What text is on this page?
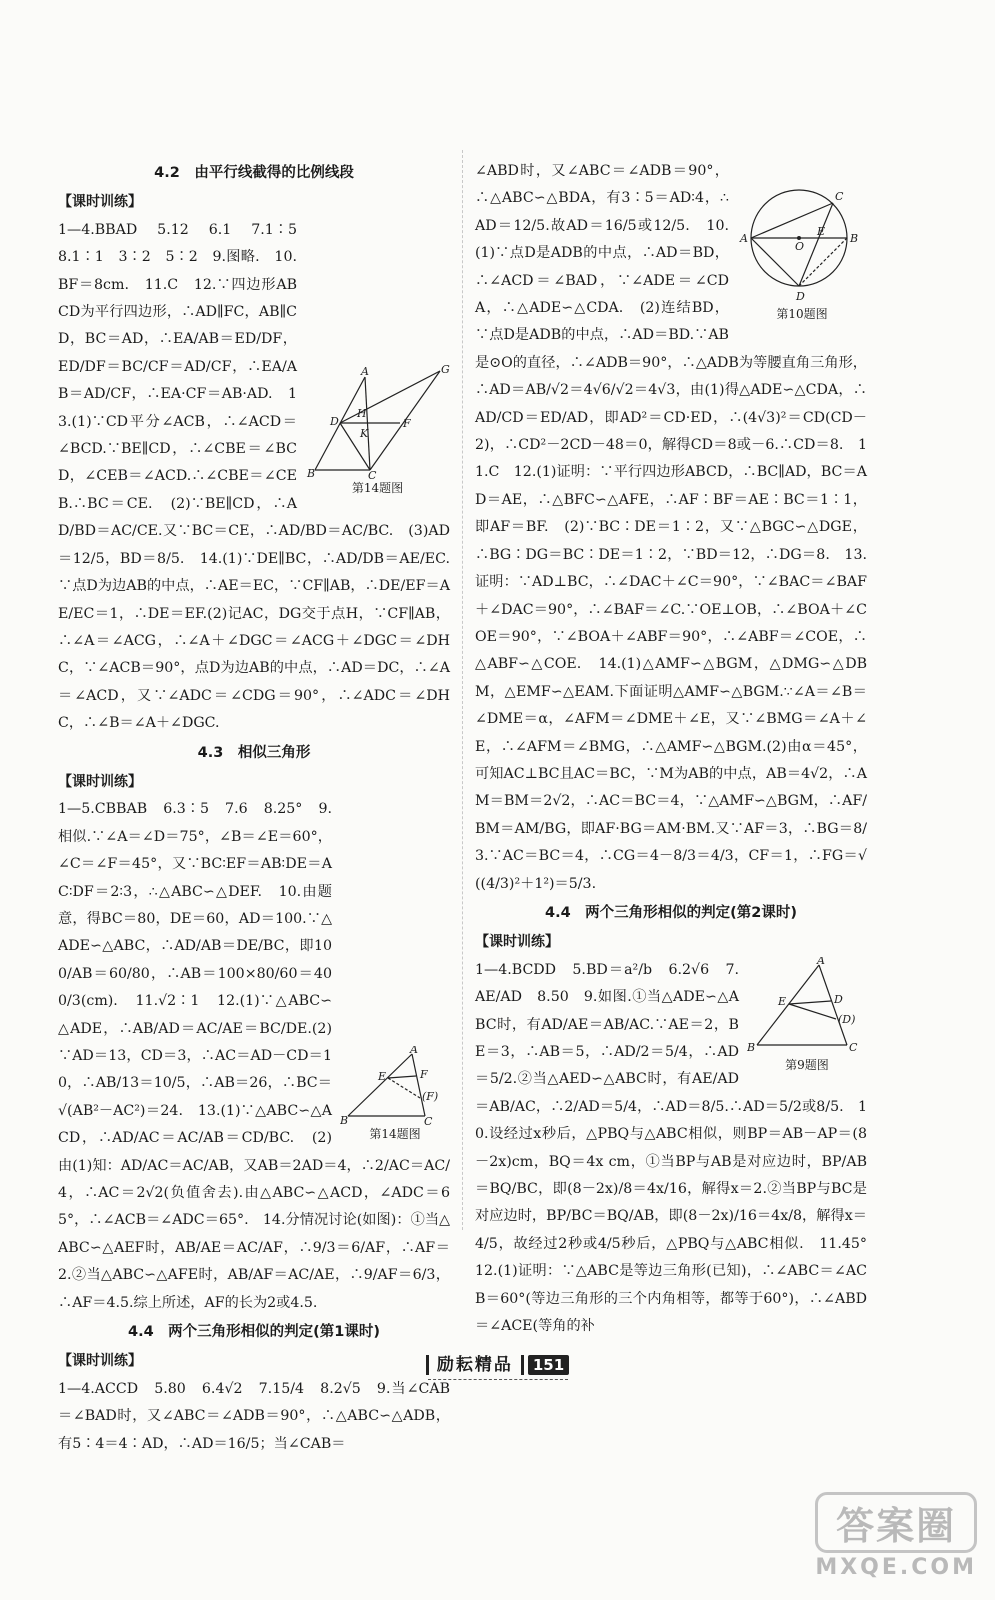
4.2　由平行线截得的比例线段
【课时训练】
A
B	C
D
H
F
G
K
第14题图

1—4.BBAD　5.12　6.1　7.1∶5　8.1∶1　3∶2　5∶2　9.图略.　10.BF＝8cm.　11.C　12.∵四边形ABCD为平行四边形，∴AD∥FC，AB∥CD，BC＝AD，∴EA/AB＝ED/DF，ED/DF＝BC/CF＝AD/CF，∴EA/AB＝AD/CF，∴EA·CF＝AB·AD.　13.(1)∵CD平分∠ACB，∴∠ACD＝∠BCD.∵BE∥CD，∴∠CBE＝∠BCD，∠CEB＝∠ACD.∴∠CBE＝∠CEB.∴BC＝CE.　(2)∵BE∥CD，∴AD/BD＝AC/CE.又∵BC＝CE，∴AD/BD＝AC/BC.　(3)AD＝12/5，BD＝8/5.　14.(1)∵DE∥BC，∴AD/DB＝AE/EC.∵点D为边AB的中点，∴AE＝EC，∵CF∥AB，∴DE/EF＝AE/EC＝1，∴DE＝EF.(2)记AC，DG交于点H，∵CF∥AB，∴∠A＝∠ACG，∴∠A＋∠DGC＝∠ACG＋∠DGC＝∠DHC，∵∠ACB＝90°，点D为边AB的中点，∴AD＝DC，∴∠A＝∠ACD，又∵∠ADC＝∠CDG＝90°，∴∠ADC＝∠DHC，∴∠B＝∠A＋∠DGC.

4.3　相似三角形
【课时训练】
A
B	C
E	F
(F)
第14题图

1—5.CBBAB　6.3∶5　7.6　8.25°　9.相似.∵∠A＝∠D＝75°，∠B＝∠E＝60°，∠C＝∠F＝45°，又∵BC∶EF＝AB∶DE＝AC∶DF＝2∶3，∴△ABC∽△DEF.　10.由题意，得BC＝80，DE＝60，AD＝100.∵△ADE∽△ABC，∴AD/AB＝DE/BC，即100/AB＝60/80，∴AB＝100×80/60＝400/3(cm).　11.√2∶1　12.(1)∵△ABC∽△ADE，∴AB/AD＝AC/AE＝BC/DE.(2)∵AD＝13，CD＝3，∴AC＝AD－CD＝10，∴AB/13＝10/5，∴AB＝26，∴BC＝√(AB²－AC²)＝24.　13.(1)∵△ABC∽△ACD，∴AD/AC＝AC/AB＝CD/BC.　(2)由(1)知：AD/AC＝AC/AB，又AB＝2AD＝4，∴2/AC＝AC/4，∴AC＝2√2(负值舍去).由△ABC∽△ACD，∠ADC＝65°，∴∠ACB＝∠ADC＝65°.　14.分情况讨论(如图)：①当△ABC∽△AEF时，AB/AE＝AC/AF，∴9/3＝6/AF，∴AF＝2.②当△ABC∽△AFE时，AB/AF＝AC/AE，∴9/AF＝6/3，∴AF＝4.5.综上所述，AF的长为2或4.5.

4.4　两个三角形相似的判定(第1课时)
【课时训练】

1—4.ACCD　5.80　6.4√2　7.15/4　8.2√5　9.当∠CAB＝∠BAD时，又∠ABC＝∠ADB＝90°，∴△ABC∽△ADB，有5∶4＝4∶AD，∴AD＝16/5；当∠CAB＝

A	B
C
D
E
O
第10题图

∠ABD时，又∠ABC＝∠ADB＝90°，∴△ABC∽△BDA，有3∶5＝AD∶4，∴AD＝12/5.故AD＝16/5或12/5.　10.(1)∵点D是ADB的中点，∴AD＝BD，∴∠ACD＝∠BAD，∵∠ADE＝∠CDA，∴△ADE∽△CDA.　(2)连结BD，∵点D是ADB的中点，∴AD＝BD.∵AB是⊙O的直径，∴∠ADB＝90°，∴△ADB为等腰直角三角形，∴AD＝AB/√2＝4√6/√2＝4√3，由(1)得△ADE∽△CDA，∴AD/CD＝ED/AD，即AD²＝CD·ED，∴(4√3)²＝CD(CD－2)，∴CD²－2CD－48＝0，解得CD＝8或－6.∴CD＝8.　11.C　12.(1)证明：∵平行四边形ABCD，∴BC∥AD，BC＝AD＝AE，∴△BFC∽△AFE，∴AF∶BF＝AE∶BC＝1∶1，即AF＝BF.　(2)∵BC∶DE＝1∶2，又∵△BGC∽△DGE，∴BG∶DG＝BC∶DE＝1∶2，∵BD＝12，∴DG＝8.　13.证明：∵AD⊥BC，∴∠DAC＋∠C＝90°，∵∠BAC＝∠BAF＋∠DAC＝90°，∴∠BAF＝∠C.∵OE⊥OB，∴∠BOA＋∠COE＝90°，∵∠BOA＋∠ABF＝90°，∴∠ABF＝∠COE，∴△ABF∽△COE.　14.(1)△AMF∽△BGM，△DMG∽△DBM，△EMF∽△EAM.下面证明△AMF∽△BGM.∵∠A＝∠B＝∠DME＝α，∠AFM＝∠DME＋∠E，又∵∠BMG＝∠A＋∠E，∴∠AFM＝∠BMG，∴△AMF∽△BGM.(2)由α＝45°，可知AC⊥BC且AC＝BC，∵M为AB的中点，AB＝4√2，∴AM＝BM＝2√2，∴AC＝BC＝4，∵△AMF∽△BGM，∴AF/BM＝AM/BG，即AF·BG＝AM·BM.又∵AF＝3，∴BG＝8/3.∵AC＝BC＝4，∴CG＝4－8/3＝4/3，CF＝1，∴FG＝√((4/3)²＋1²)＝5/3.

4.4　两个三角形相似的判定(第2课时)
【课时训练】
A
B	C
E	D
(D)
第9题图

1—4.BCDD　5.BD＝a²/b　6.2√6　7.AE/AD　8.50　9.如图.①当△ADE∽△ABC时，有AD/AE＝AB/AC.∵AE＝2，BE＝3，∴AB＝5，∴AD/2＝5/4，∴AD＝5/2.②当△AED∽△ABC时，有AE/AD＝AB/AC，∴2/AD＝5/4，∴AD＝8/5.∴AD＝5/2或8/5.　10.设经过x秒后，△PBQ与△ABC相似，则BP＝AB－AP＝(8－2x)cm，BQ＝4x cm，①当BP与AB是对应边时，BP/AB＝BQ/BC，即(8－2x)/8＝4x/16，解得x＝2.②当BP与BC是对应边时，BP/BC＝BQ/AB，即(8－2x)/16＝4x/8，解得x＝4/5，故经过2秒或4/5秒后，△PBQ与△ABC相似.　11.45°　12.(1)证明：∵△ABC是等边三角形(已知)，∴∠ABC＝∠ACB＝60°(等边三角形的三个内角相等，都等于60°)，∴∠ABD＝∠ACE(等角的补

励耘精品 151
答案圈
MXQE.COM
